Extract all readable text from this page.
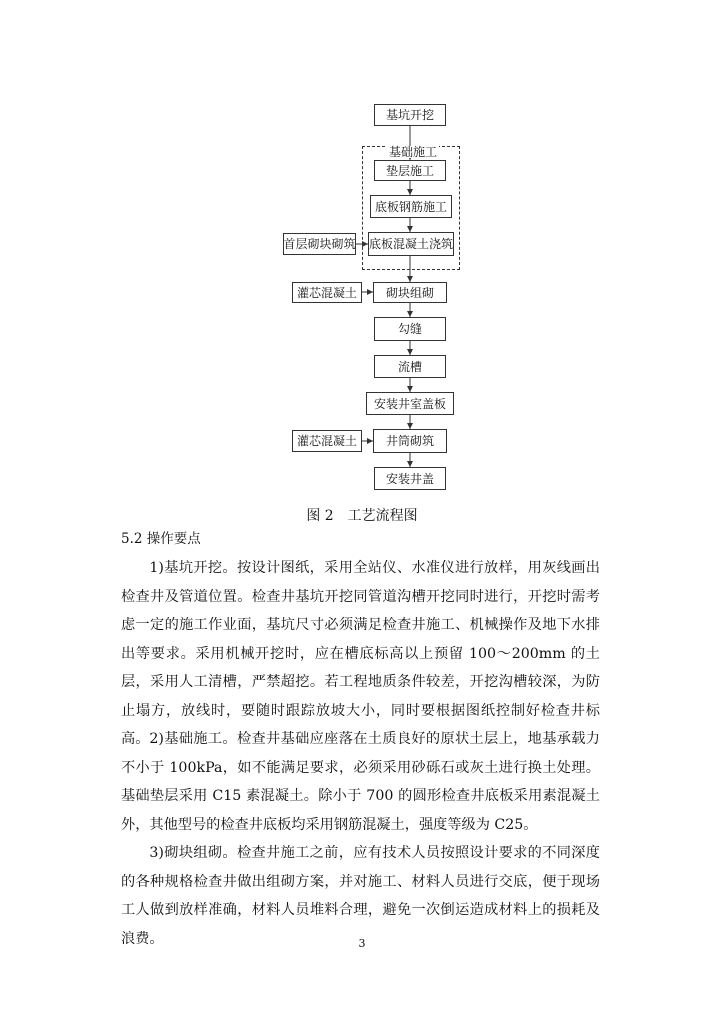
基础施工
基坑开挖
垫层施工
底板钢筋施工
底板混凝土浇筑
首层砌块砌筑
砌块组砌
灌芯混凝土
勾缝
流槽
安装井室盖板
井筒砌筑
灌芯混凝土
安装井盖
图 2 工艺流程图
5.2 操作要点

1)基坑开挖。按设计图纸，采用全站仪、水准仪进行放样，用灰线画出检查井及管道位置。检查井基坑开挖同管道沟槽开挖同时进行，开挖时需考虑一定的施工作业面，基坑尺寸必须满足检查井施工、机械操作及地下水排出等要求。采用机械开挖时，应在槽底标高以上预留 100～200mm 的土层，采用人工清槽，严禁超挖。若工程地质条件较差，开挖沟槽较深，为防止塌方，放线时，要随时跟踪放坡大小，同时要根据图纸控制好检查井标高。 2)基础施工。检查井基础应座落在土质良好的原状土层上，地基承载力不小于 100kPa，如不能满足要求，必须采用砂砾石或灰土进行换土处理。基础垫层采用 C15 素混凝土。除小于 700 的圆形检查井底板采用素混凝土外，其他型号的检查井底板均采用钢筋混凝土，强度等级为 C25。

3)砌块组砌。检查井施工之前，应有技术人员按照设计要求的不同深度的各种规格检查井做出组砌方案，并对施工、材料人员进行交底，便于现场工人做到放样准确，材料人员堆料合理，避免一次倒运造成材料上的损耗及浪费。	3
